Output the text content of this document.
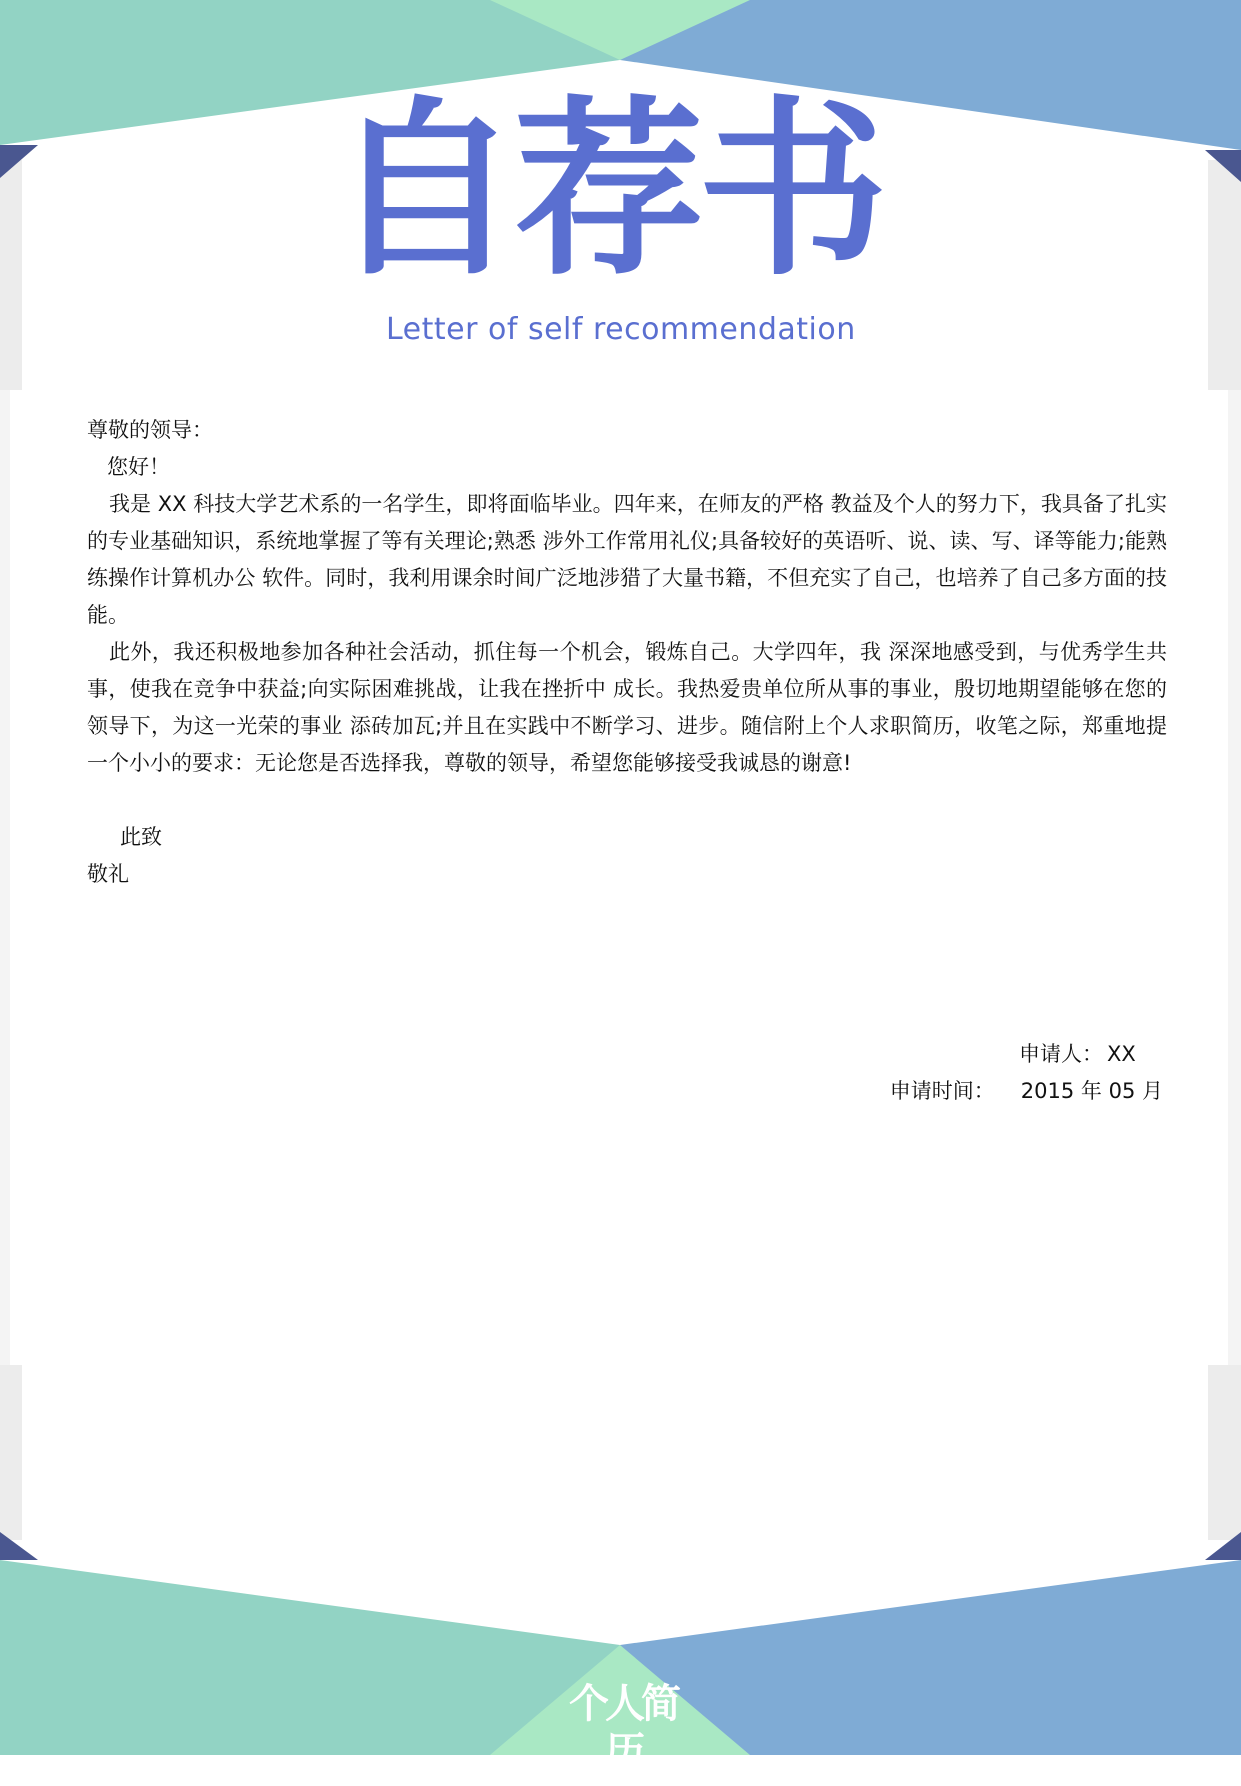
自荐书
Letter of self recommendation

尊敬的领导：

您好！

我是 XX 科技大学艺术系的一名学生，即将面临毕业。四年来，在师友的严格 教益及个人的努力下，我具备了扎实的专业基础知识，系统地掌握了等有关理论;熟悉 涉外工作常用礼仪;具备较好的英语听、说、读、写、译等能力;能熟练操作计算机办公 软件。同时，我利用课余时间广泛地涉猎了大量书籍，不但充实了自己，也培养了自己多方面的技能。

此外，我还积极地参加各种社会活动，抓住每一个机会，锻炼自己。大学四年，我 深深地感受到，与优秀学生共事，使我在竞争中获益;向实际困难挑战，让我在挫折中 成长。我热爱贵单位所从事的事业，殷切地期望能够在您的领导下，为这一光荣的事业 添砖加瓦;并且在实践中不断学习、进步。随信附上个人求职简历，收笔之际，郑重地提 一个小小的要求：无论您是否选择我，尊敬的领导，希望您能够接受我诚恳的谢意!

此致

敬礼

申请人： XX
申请时间： 2015 年 05 月
个人简历
RESUME
